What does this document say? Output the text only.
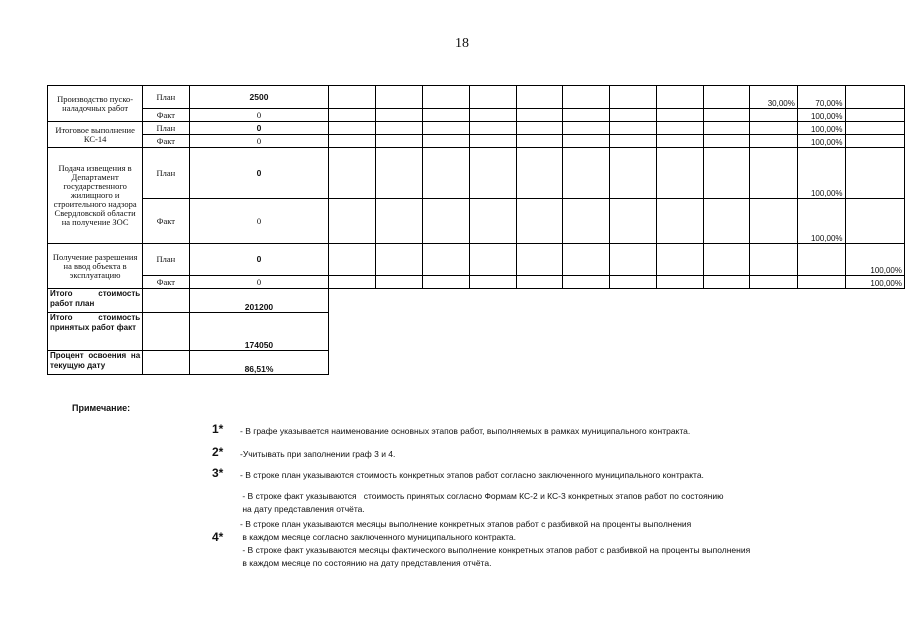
18
Производство пуско-наладочных работ	План	2500										30,00%	70,00%	
	Факт	0											100,00%	
Итоговое выполнение КС-14	План	0											100,00%	
	Факт	0											100,00%	
Подача извещения в Департамент государственного жилищного и строительного надзора Свердловской области на получение ЗОС	План	0											100,00%	
	Факт	0											100,00%	
Получение разрешения на ввод объекта в эксплуатацию	План	0												100,00%
	Факт	0												100,00%
Итого стоимость работ план		201200												
Итого стоимость принятых работ факт		174050												
Процент освоения на текущую дату		86,51%												
Примечание:
1* - В графе указывается наименование основных этапов работ, выполняемых в рамках муниципального контракта.
2* -Учитывать при заполнении граф 3 и 4.
3* - В строке план указываются стоимость конкретных этапов работ согласно заключенного муниципального контракта.
- В строке факт указываются   стоимость принятых согласно Формам КС-2 и КС-3 конкретных этапов работ по состоянию
на дату представления отчёта.
4*
- В строке план указываются месяцы выполнение конкретных этапов работ с разбивкой на проценты выполнения
в каждом месяце согласно заключенного муниципального контракта.
- В строке факт указываются месяцы фактического выполнение конкретных этапов работ с разбивкой на проценты выполнения
в каждом месяце по состоянию на дату представления отчёта.
